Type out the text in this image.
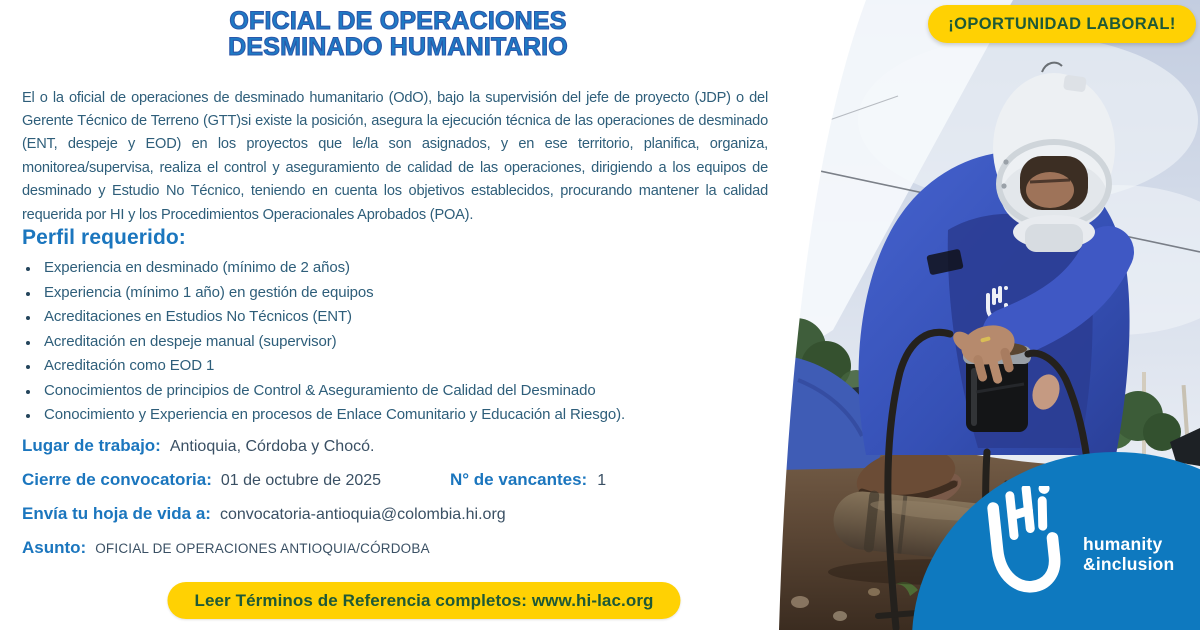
OFICIAL DE OPERACIONES
DESMINADO HUMANITARIO

El o la oficial de operaciones de desminado humanitario (OdO), bajo la supervisión del jefe de proyecto (JDP) o del Gerente Técnico de Terreno (GTT)si existe la posición, asegura la ejecución técnica de las operaciones de desminado (ENT, despeje y EOD) en los proyectos que le/la son asignados, y en ese territorio, planifica, organiza, monitorea/supervisa, realiza el control y aseguramiento de calidad de las operaciones, dirigiendo a los equipos de desminado y Estudio No Técnico, teniendo en cuenta los objetivos establecidos, procurando mantener la calidad requerida por HI y los Procedimientos Operacionales Aprobados (POA).

Perfil requerido:
• Experiencia en desminado (mínimo de 2 años)
• Experiencia (mínimo 1 año) en gestión de equipos
• Acreditaciones en Estudios No Técnicos (ENT)
• Acreditación en despeje manual (supervisor)
• Acreditación como EOD 1
• Conocimientos de principios de Control & Aseguramiento de Calidad del Desminado
• Conocimiento y Experiencia en procesos de Enlace Comunitario y Educación al Riesgo).
Lugar de trabajo: Antioquia, Córdoba y Chocó.
Cierre de convocatoria: 01 de octubre de 2025	N° de vancantes: 1
Envía tu hoja de vida a: convocatoria-antioquia@colombia.hi.org
Asunto: OFICIAL DE OPERACIONES ANTIOQUIA/CÓRDOBA
Leer Términos de Referencia completos: www.hi-lac.org
¡OPORTUNIDAD LABORAL!
humanity
&inclusion
